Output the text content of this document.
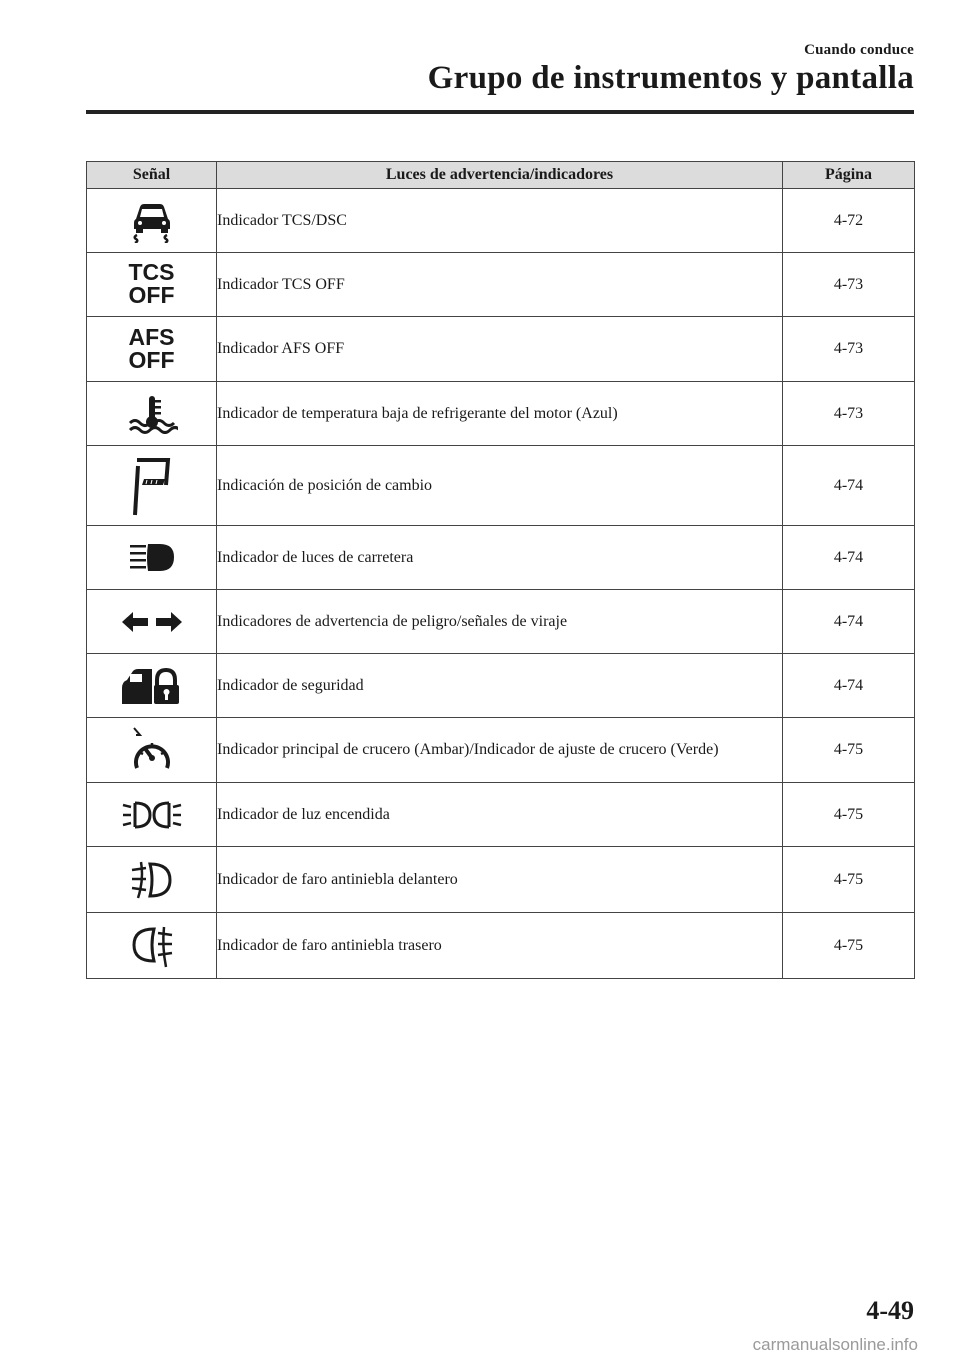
Cuando conduce
Grupo de instrumentos y pantalla
Señal	Luces de advertencia/indicadores	Página

	Indicador TCS/DSC	4-72
TCS
OFF	Indicador TCS OFF	4-73
AFS
OFF	Indicador AFS OFF	4-73

	Indicador de temperatura baja de refrigerante del motor (Azul)	4-73

	Indicación de posición de cambio	4-74

	Indicador de luces de carretera	4-74

	Indicadores de advertencia de peligro/señales de viraje	4-74

	Indicador de seguridad	4-74

	Indicador principal de crucero (Ambar)/Indicador de ajuste de crucero (Verde)	4-75

	Indicador de luz encendida	4-75

	Indicador de faro antiniebla delantero	4-75

	Indicador de faro antiniebla trasero	4-75
4-49
carmanualsonline.info
